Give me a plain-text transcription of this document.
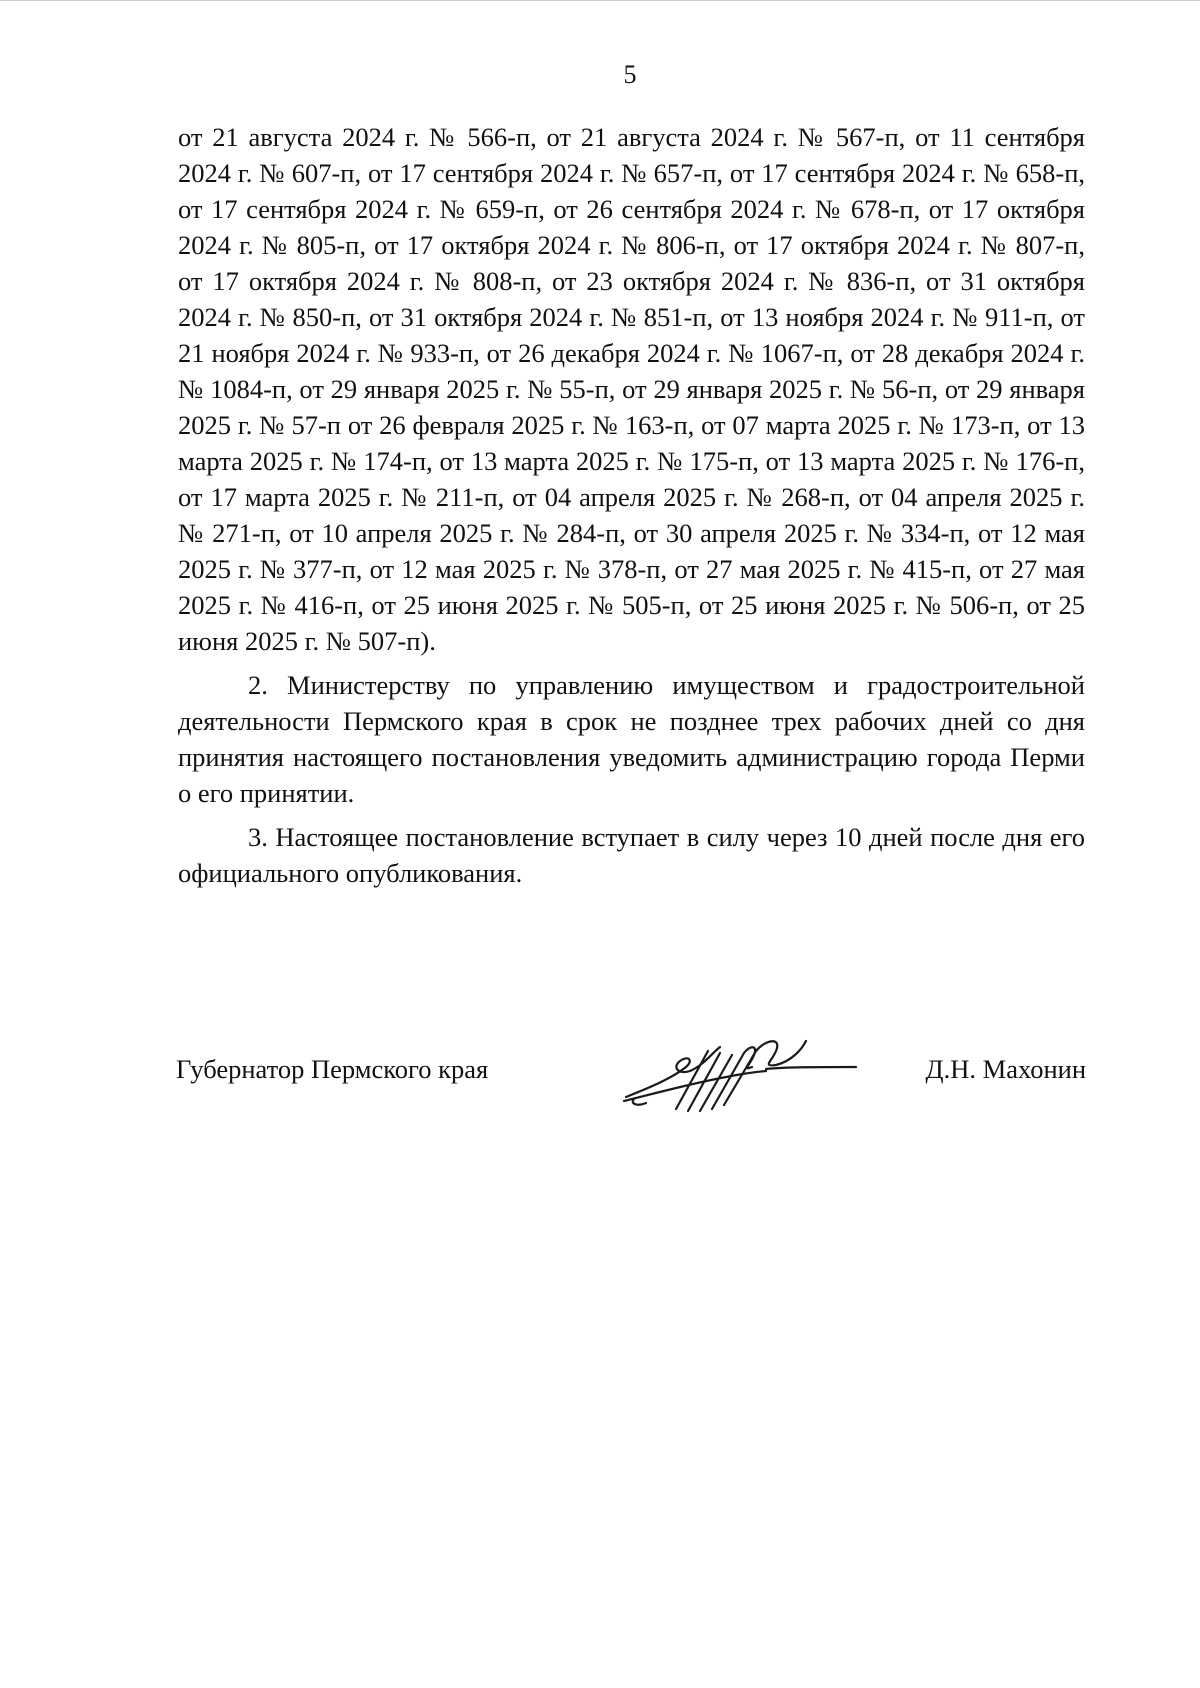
5

от 21 августа 2024 г. № 566-п, от 21 августа 2024 г. № 567-п, от 11 сентября 2024 г. № 607-п, от 17 сентября 2024 г. № 657-п, от 17 сентября 2024 г. № 658-п, от 17 сентября 2024 г. № 659-п, от 26 сентября 2024 г. № 678-п, от 17 октября 2024 г. № 805-п, от 17 октября 2024 г. № 806-п, от 17 октября 2024 г. № 807-п, от 17 октября 2024 г. № 808-п, от 23 октября 2024 г. № 836-п, от 31 октября 2024 г. № 850-п, от 31 октября 2024 г. № 851-п, от 13 ноября 2024 г. № 911-п, от 21 ноября 2024 г. № 933-п, от 26 декабря 2024 г. № 1067-п, от 28 декабря 2024 г. № 1084-п, от 29 января 2025 г. № 55-п, от 29 января 2025 г. № 56-п, от 29 января 2025 г. № 57-п от 26 февраля 2025 г. № 163-п, от 07 марта 2025 г. № 173-п, от 13 марта 2025 г. № 174-п, от 13 марта 2025 г. № 175-п, от 13 марта 2025 г. № 176-п, от 17 марта 2025 г. № 211-п, от 04 апреля 2025 г. № 268-п, от 04 апреля 2025 г. № 271-п, от 10 апреля 2025 г. № 284-п, от 30 апреля 2025 г. № 334-п, от 12 мая 2025 г. № 377-п, от 12 мая 2025 г. № 378-п, от 27 мая 2025 г. № 415-п, от 27 мая 2025 г. № 416-п, от 25 июня 2025 г. № 505-п, от 25 июня 2025 г. № 506-п, от 25 июня 2025 г. № 507-п).

2. Министерству по управлению имуществом и градостроительной деятельности Пермского края в срок не позднее трех рабочих дней со дня принятия настоящего постановления уведомить администрацию города Перми о его принятии.

3. Настоящее постановление вступает в силу через 10 дней после дня его официального опубликования.

Губернатор Пермского края	Д.Н. Махонин
